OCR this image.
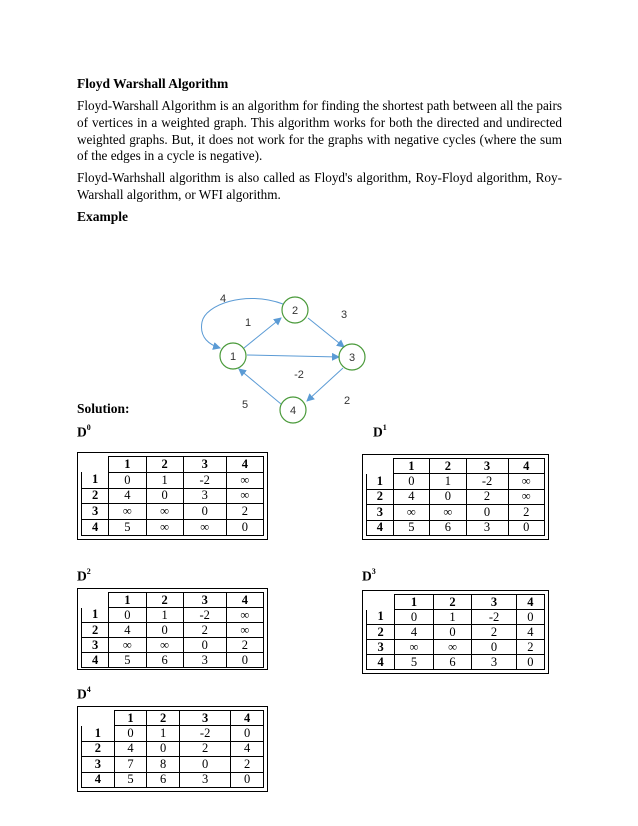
Floyd Warshall Algorithm

Floyd-Warshall Algorithm is an algorithm for finding the shortest path between all the pairs of vertices in a weighted graph. This algorithm works for both the directed and undirected weighted graphs. But, it does not work for the graphs with negative cycles (where the sum of the edges in a cycle is negative).

Floyd-Warhshall algorithm is also called as Floyd's algorithm, Roy-Floyd algorithm, Roy-Warshall algorithm, or WFI algorithm.

Example

1
2
3
4
4
1
3
-2
5	2

Solution:

$D^0$	$D^1$
$D^2$	$D^3$
$D^4$
	1	2	3	4
1	0	1	-2	∞
2	4	0	3	∞
3	∞	∞	0	2
4	5	∞	∞	0
	1	2	3	4
1	0	1	-2	∞
2	4	0	2	∞
3	∞	∞	0	2
4	5	6	3	0
	1	2	3	4
1	0	1	-2	∞
2	4	0	2	∞
3	∞	∞	0	2
4	5	6	3	0
	1	2	3	4
1	0	1	-2	0
2	4	0	2	4
3	∞	∞	0	2
4	5	6	3	0
	1	2	3	4
1	0	1	-2	0
2	4	0	2	4
3	7	8	0	2
4	5	6	3	0
